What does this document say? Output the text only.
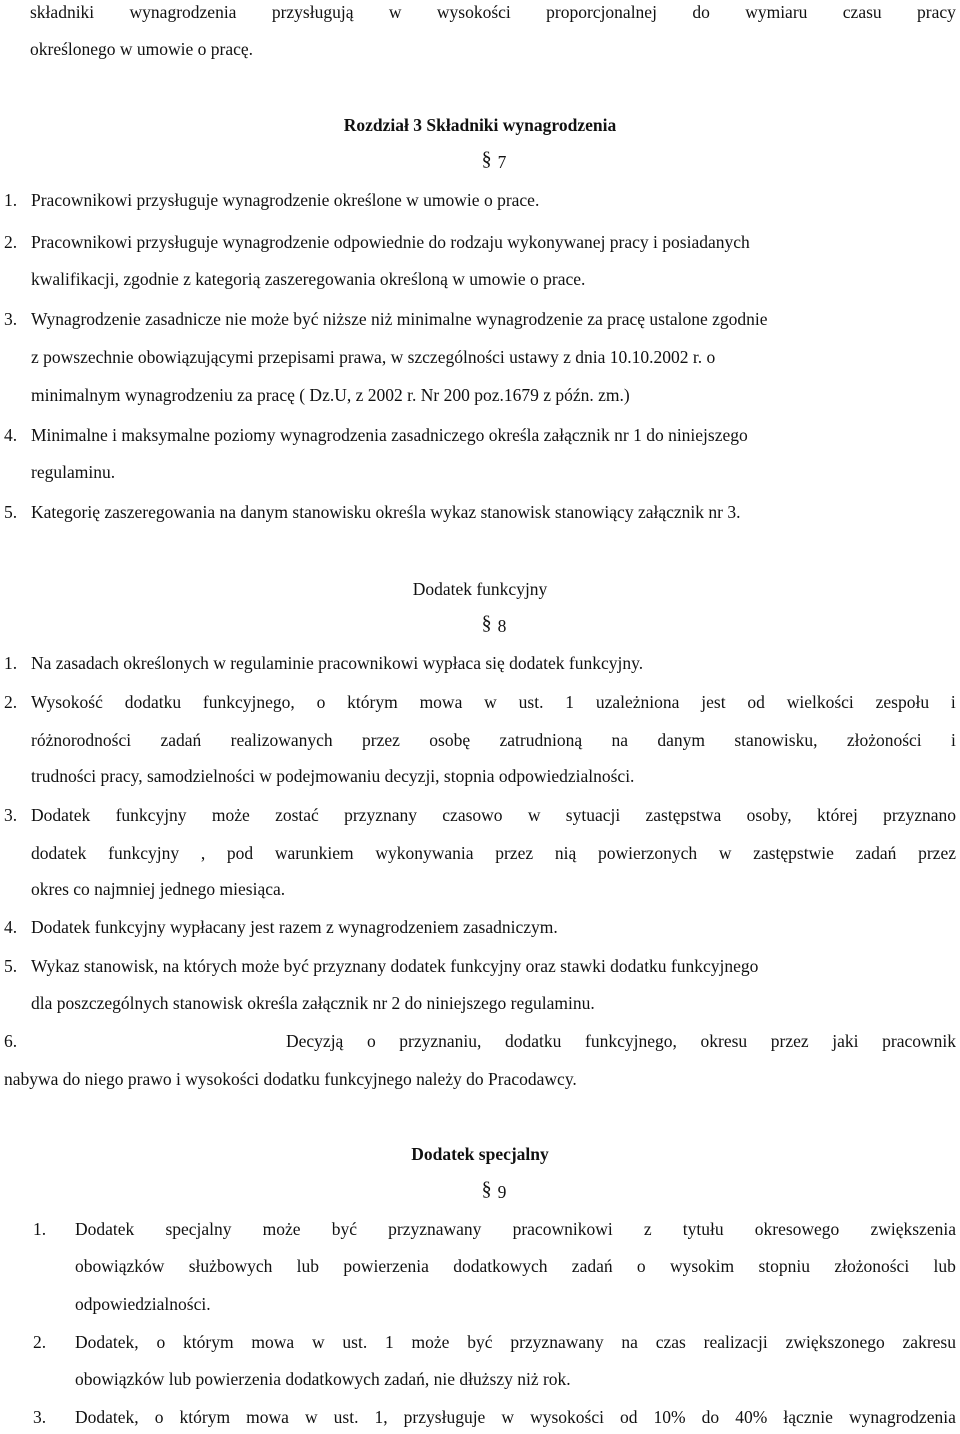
składniki wynagrodzenia przysługują w wysokości proporcjonalnej do wymiaru czasu pracy
określonego w umowie o pracę.
Rozdział 3 Składniki wynagrodzenia
§ 7
1. Pracownikowi przysługuje wynagrodzenie określone w umowie o prace.
2. Pracownikowi przysługuje wynagrodzenie odpowiednie do rodzaju wykonywanej pracy i posiadanych
kwalifikacji, zgodnie z kategorią zaszeregowania określoną w umowie o prace.
3. Wynagrodzenie zasadnicze nie może być niższe niż minimalne wynagrodzenie za pracę ustalone zgodnie
z powszechnie obowiązującymi przepisami prawa, w szczególności ustawy z dnia 10.10.2002 r. o
minimalnym wynagrodzeniu za pracę ( Dz.U, z 2002 r. Nr 200 poz.1679 z późn. zm.)
4. Minimalne i maksymalne poziomy wynagrodzenia zasadniczego określa załącznik nr 1 do niniejszego
regulaminu.
5. Kategorię zaszeregowania na danym stanowisku określa wykaz stanowisk stanowiący załącznik nr 3.
Dodatek funkcyjny
§ 8
1. Na zasadach określonych w regulaminie pracownikowi wypłaca się dodatek funkcyjny.
2. Wysokość dodatku funkcyjnego, o którym mowa w ust. 1 uzależniona jest od wielkości zespołu i
różnorodności zadań realizowanych przez osobę zatrudnioną na danym stanowisku, złożoności i
trudności pracy, samodzielności w podejmowaniu decyzji, stopnia odpowiedzialności.
3. Dodatek funkcyjny może zostać przyznany czasowo w sytuacji zastępstwa osoby, której przyznano
dodatek funkcyjny , pod warunkiem wykonywania przez nią powierzonych w zastępstwie zadań przez
okres co najmniej jednego miesiąca.
4. Dodatek funkcyjny wypłacany jest razem z wynagrodzeniem zasadniczym.
5. Wykaz stanowisk, na których może być przyznany dodatek funkcyjny oraz stawki dodatku funkcyjnego
dla poszczególnych stanowisk określa załącznik nr 2 do niniejszego regulaminu.
6.	Decyzją o przyznaniu, dodatku funkcyjnego, okresu przez jaki pracownik
nabywa do niego prawo i wysokości dodatku funkcyjnego należy do Pracodawcy.
Dodatek specjalny
§ 9
1. Dodatek specjalny może być przyznawany pracownikowi z tytułu okresowego zwiększenia
obowiązków służbowych lub powierzenia dodatkowych zadań o wysokim stopniu złożoności lub
odpowiedzialności.
2. Dodatek, o którym mowa w ust. 1 może być przyznawany na czas realizacji zwiększonego zakresu
obowiązków lub powierzenia dodatkowych zadań, nie dłuższy niż rok.
3. Dodatek, o którym mowa w ust. 1, przysługuje w wysokości od 10% do 40% łącznie wynagrodzenia
